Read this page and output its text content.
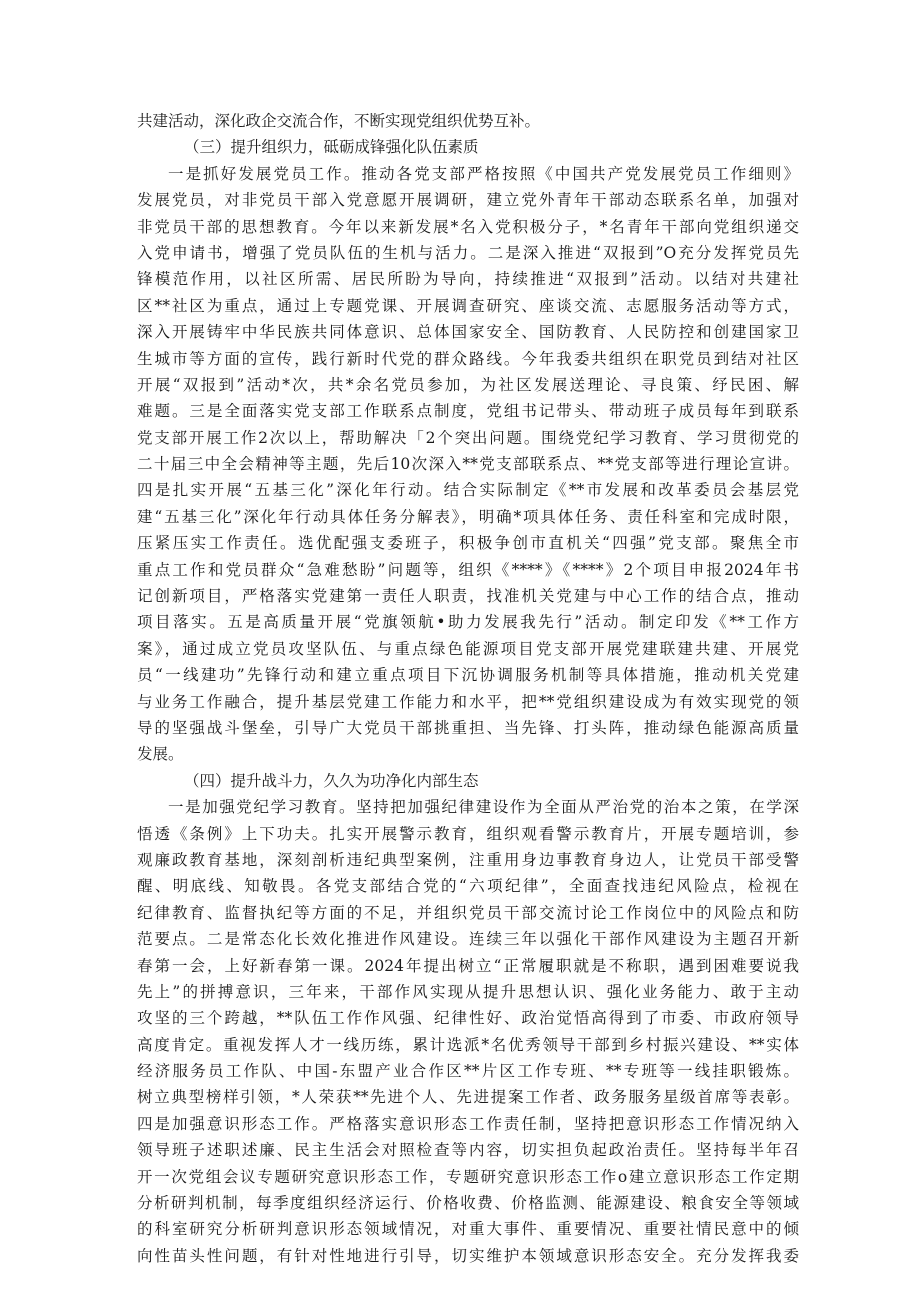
共建活动，深化政企交流合作，不断实现党组织优势互补。
（三）提升组织力，砥砺成锋强化队伍素质
一是抓好发展党员工作。推动各党支部严格按照《中国共产党发展党员工作细则》
发展党员，对非党员干部入党意愿开展调研，建立党外青年干部动态联系名单，加强对
非党员干部的思想教育。今年以来新发展*名入党积极分子，*名青年干部向党组织递交
入党申请书，增强了党员队伍的生机与活力。二是深入推进“双报到”O充分发挥党员先
锋模范作用，以社区所需、居民所盼为导向，持续推进“双报到”活动。以结对共建社
区**社区为重点，通过上专题党课、开展调查研究、座谈交流、志愿服务活动等方式，
深入开展铸牢中华民族共同体意识、总体国家安全、国防教育、人民防控和创建国家卫
生城市等方面的宣传，践行新时代党的群众路线。今年我委共组织在职党员到结对社区
开展“双报到”活动*次，共*余名党员参加，为社区发展送理论、寻良策、纾民困、解
难题。三是全面落实党支部工作联系点制度，党组书记带头、带动班子成员每年到联系
党支部开展工作2次以上，帮助解决「2个突出问题。围绕党纪学习教育、学习贯彻党的
二十届三中全会精神等主题，先后10次深入**党支部联系点、**党支部等进行理论宣讲。
四是扎实开展“五基三化”深化年行动。结合实际制定《**市发展和改革委员会基层党
建“五基三化”深化年行动具体任务分解表》，明确*项具体任务、责任科室和完成时限，
压紧压实工作责任。选优配强支委班子，积极争创市直机关“四强”党支部。聚焦全市
重点工作和党员群众“急难愁盼”问题等，组织《****》《****》2个项目申报2024年书
记创新项目，严格落实党建第一责任人职责，找准机关党建与中心工作的结合点，推动
项目落实。五是高质量开展“党旗领航•助力发展我先行”活动。制定印发《**工作方
案》，通过成立党员攻坚队伍、与重点绿色能源项目党支部开展党建联建共建、开展党
员“一线建功”先锋行动和建立重点项目下沉协调服务机制等具体措施，推动机关党建
与业务工作融合，提升基层党建工作能力和水平，把**党组织建设成为有效实现党的领
导的坚强战斗堡垒，引导广大党员干部挑重担、当先锋、打头阵，推动绿色能源高质量
发展。
（四）提升战斗力，久久为功净化内部生态
一是加强党纪学习教育。坚持把加强纪律建设作为全面从严治党的治本之策，在学深
悟透《条例》上下功夫。扎实开展警示教育，组织观看警示教育片，开展专题培训，参
观廉政教育基地，深刻剖析违纪典型案例，注重用身边事教育身边人，让党员干部受警
醒、明底线、知敬畏。各党支部结合党的“六项纪律”，全面查找违纪风险点，检视在
纪律教育、监督执纪等方面的不足，并组织党员干部交流讨论工作岗位中的风险点和防
范要点。二是常态化长效化推进作风建设。连续三年以强化干部作风建设为主题召开新
春第一会，上好新春第一课。2024年提出树立“正常履职就是不称职，遇到困难要说我
先上”的拼搏意识，三年来，干部作风实现从提升思想认识、强化业务能力、敢于主动
攻坚的三个跨越，**队伍工作作风强、纪律性好、政治觉悟高得到了市委、市政府领导
高度肯定。重视发挥人才一线历练，累计选派*名优秀领导干部到乡村振兴建设、**实体
经济服务员工作队、中国-东盟产业合作区**片区工作专班、**专班等一线挂职锻炼。
树立典型榜样引领，*人荣获**先进个人、先进提案工作者、政务服务星级首席等表彰。
四是加强意识形态工作。严格落实意识形态工作责任制，坚持把意识形态工作情况纳入
领导班子述职述廉、民主生活会对照检查等内容，切实担负起政治责任。坚持每半年召
开一次党组会议专题研究意识形态工作，专题研究意识形态工作o建立意识形态工作定期
分析研判机制，每季度组织经济运行、价格收费、价格监测、能源建设、粮食安全等领域
的科室研究分析研判意识形态领域情况，对重大事件、重要情况、重要社情民意中的倾
向性苗头性问题，有针对性地进行引导，切实维护本领域意识形态安全。充分发挥我委
